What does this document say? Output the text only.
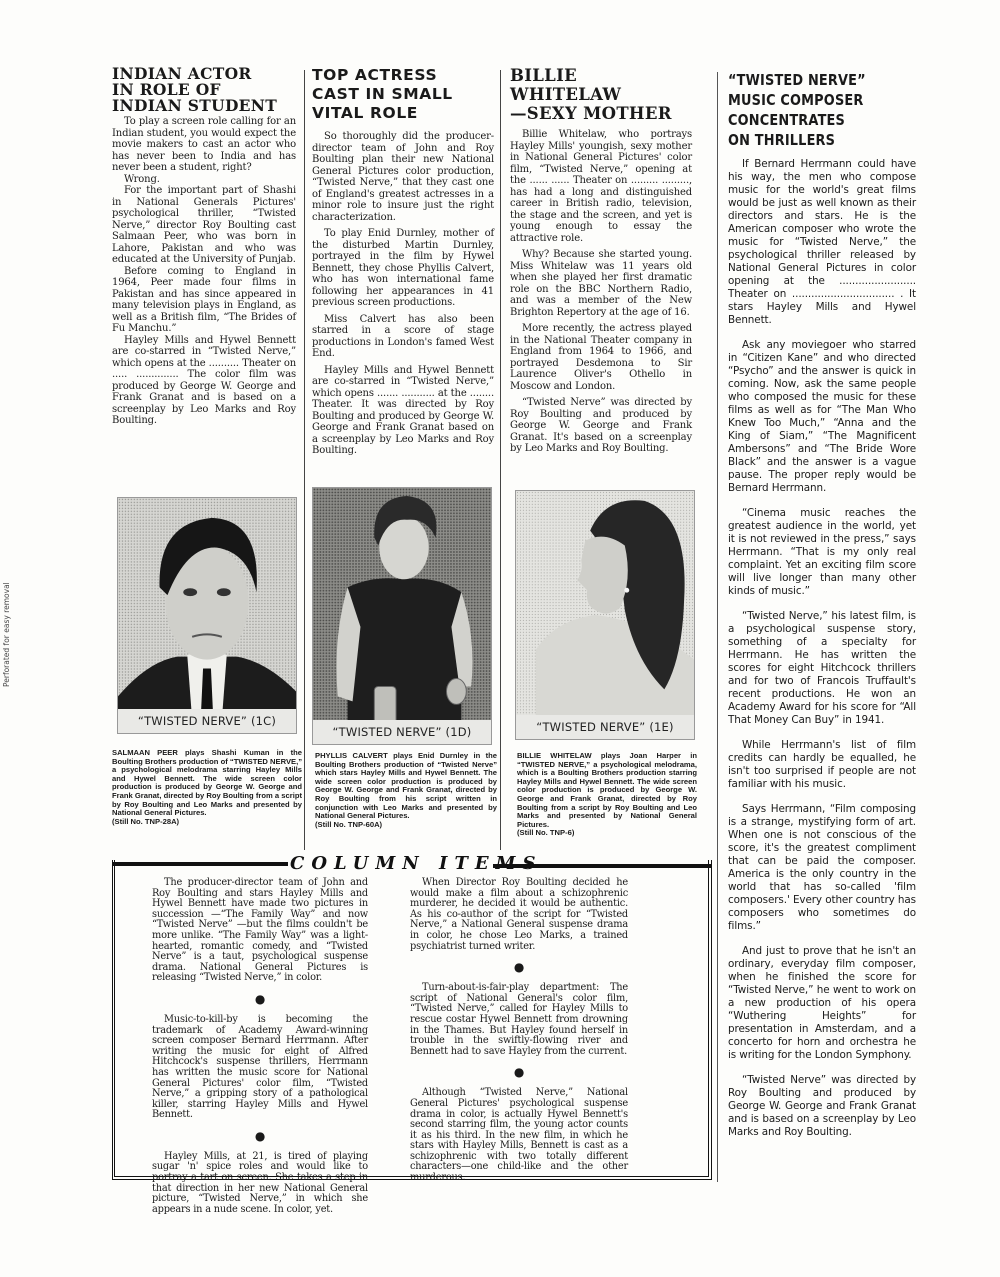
Perforated for easy removal
INDIAN ACTOR
IN ROLE OF
INDIAN STUDENT

To play a screen role calling for an Indian student, you would expect the movie makers to cast an actor who has never been to India and has never been a student, right?

Wrong.

For the important part of Shashi in National Generals Pictures' psychological thriller, “Twisted Nerve,” director Roy Boulting cast Salmaan Peer, who was born in Lahore, Pakistan and who was educated at the University of Punjab.

Before coming to England in 1964, Peer made four films in Pakistan and has since appeared in many television plays in England, as well as a British film, “The Brides of Fu Manchu.”

Hayley Mills and Hywel Bennett are co-starred in “Twisted Nerve,” which opens at the .......... Theater on ..... .............. The color film was produced by George W. George and Frank Granat and is based on a screenplay by Leo Marks and Roy Boulting.

TOP ACTRESS
CAST IN SMALL
VITAL ROLE

So thoroughly did the producer-director team of John and Roy Boulting plan their new National General Pictures color production, “Twisted Nerve,” that they cast one of England's greatest actresses in a minor role to insure just the right characterization.

To play Enid Durnley, mother of the disturbed Martin Durnley, portrayed in the film by Hywel Bennett, they chose Phyllis Calvert, who has won international fame following her appearances in 41 previous screen productions.

Miss Calvert has also been starred in a score of stage productions in London's famed West End.

Hayley Mills and Hywel Bennett are co-starred in “Twisted Nerve,” which opens ....... ........... at the ........ Theater. It was directed by Roy Boulting and produced by George W. George and Frank Granat based on a screenplay by Leo Marks and Roy Boulting.

BILLIE WHITELAW
—SEXY MOTHER

Billie Whitelaw, who portrays Hayley Mills' youngish, sexy mother in National General Pictures' color film, “Twisted Nerve,” opening at the ...... ...... Theater on ......... ........., has had a long and distinguished career in British radio, television, the stage and the screen, and yet is young enough to essay the attractive role.

Why? Because she started young. Miss Whitelaw was 11 years old when she played her first dramatic role on the BBC Northern Radio, and was a member of the New Brighton Repertory at the age of 16.

More recently, the actress played in the National Theater company in England from 1964 to 1966, and portrayed Desdemona to Sir Laurence Oliver's Othello in Moscow and London.

“Twisted Nerve” was directed by Roy Boulting and produced by George W. George and Frank Granat. It's based on a screenplay by Leo Marks and Roy Boulting.

“TWISTED NERVE”
MUSIC COMPOSER
CONCENTRATES
ON THRILLERS

If Bernard Herrmann could have his way, the men who compose music for the world's great films would be just as well known as their directors and stars. He is the American composer who wrote the music for “Twisted Nerve,” the psychological thriller released by National General Pictures in color opening at the ........................ Theater on ................................ . It stars Hayley Mills and Hywel Bennett.

Ask any moviegoer who starred in “Citizen Kane” and who directed “Psycho” and the answer is quick in coming. Now, ask the same people who composed the music for these films as well as for “The Man Who Knew Too Much,” “Anna and the King of Siam,” “The Magnificent Ambersons” and “The Bride Wore Black” and the answer is a vague pause. The proper reply would be Bernard Herrmann.

“Cinema music reaches the greatest audience in the world, yet it is not reviewed in the press,” says Herrmann. “That is my only real complaint. Yet an exciting film score will live longer than many other kinds of music.”

“Twisted Nerve,” his latest film, is a psychological suspense story, something of a specialty for Herrmann. He has written the scores for eight Hitchcock thrillers and for two of Francois Truffault's recent productions. He won an Academy Award for his score for “All That Money Can Buy” in 1941.

While Herrmann's list of film credits can hardly be equalled, he isn't too surprised if people are not familiar with his music.

Says Herrmann, “Film composing is a strange, mystifying form of art. When one is not conscious of the score, it's the greatest compliment that can be paid the composer. America is the only country in the world that has so-called 'film composers.' Every other country has composers who sometimes do films.”

And just to prove that he isn't an ordinary, everyday film composer, when he finished the score for “Twisted Nerve,” he went to work on a new production of his opera “Wuthering Heights” for presentation in Amsterdam, and a concerto for horn and orchestra he is writing for the London Symphony.

“Twisted Nerve” was directed by Roy Boulting and produced by George W. George and Frank Granat and is based on a screenplay by Leo Marks and Roy Boulting.

“TWISTED NERVE” (1C)
“TWISTED NERVE” (1D)	“TWISTED NERVE” (1E)
SALMAAN PEER plays Shashi Kuman in the Boulting Brothers production of “TWISTED NERVE,” a psychological melodrama starring Hayley Mills and Hywel Bennett. The wide screen color production is produced by George W. George and Frank Granat, directed by Roy Boulting from a script by Roy Boulting and Leo Marks and presented by National General Pictures.
(Still No. TNP-28A)
PHYLLIS CALVERT plays Enid Durnley in the Boulting Brothers production of “Twisted Nerve” which stars Hayley Mills and Hywel Bennett. The wide screen color production is produced by George W. George and Frank Granat, directed by Roy Boulting from his script written in conjunction with Leo Marks and presented by National General Pictures.
(Still No. TNP-60A)
BILLIE WHITELAW plays Joan Harper in “TWISTED NERVE,” a psychological melodrama, which is a Boulting Brothers production starring Hayley Mills and Hywel Bennett. The wide screen color production is produced by George W. George and Frank Granat, directed by Roy Boulting from a script by Roy Boulting and Leo Marks and presented by National General Pictures.
(Still No. TNP-6)
COLUMN ITEMS

The producer-director team of John and Roy Boulting and stars Hayley Mills and Hywel Bennett have made two pictures in succession —“The Family Way” and now “Twisted Nerve” —but the films couldn't be more unlike. “The Family Way” was a light-hearted, romantic comedy, and “Twisted Nerve” is a taut, psychological suspense drama. National General Pictures is releasing “Twisted Nerve,” in color.

●

Music-to-kill-by is becoming the trademark of Academy Award-winning screen composer Bernard Herrmann. After writing the music for eight of Alfred Hitchcock's suspense thrillers, Herrmann has written the music score for National General Pictures' color film, “Twisted Nerve,” a gripping story of a pathological killer, starring Hayley Mills and Hywel Bennett.

●

Hayley Mills, at 21, is tired of playing sugar 'n' spice roles and would like to portray a tart on screen. She takes a step in that direction in her new National General picture, “Twisted Nerve,” in which she appears in a nude scene. In color, yet.

When Director Roy Boulting decided he would make a film about a schizophrenic murderer, he decided it would be authentic. As his co-author of the script for “Twisted Nerve,” a National General suspense drama in color, he chose Leo Marks, a trained psychiatrist turned writer.

●

Turn-about-is-fair-play department: The script of National General's color film, “Twisted Nerve,” called for Hayley Mills to rescue costar Hywel Bennett from drowning in the Thames. But Hayley found herself in trouble in the swiftly-flowing river and Bennett had to save Hayley from the current.

●

Although “Twisted Nerve,” National General Pictures' psychological suspense drama in color, is actually Hywel Bennett's second starring film, the young actor counts it as his third. In the new film, in which he stars with Hayley Mills, Bennett is cast as a schizophrenic with two totally different characters—one child-like and the other murderous.
